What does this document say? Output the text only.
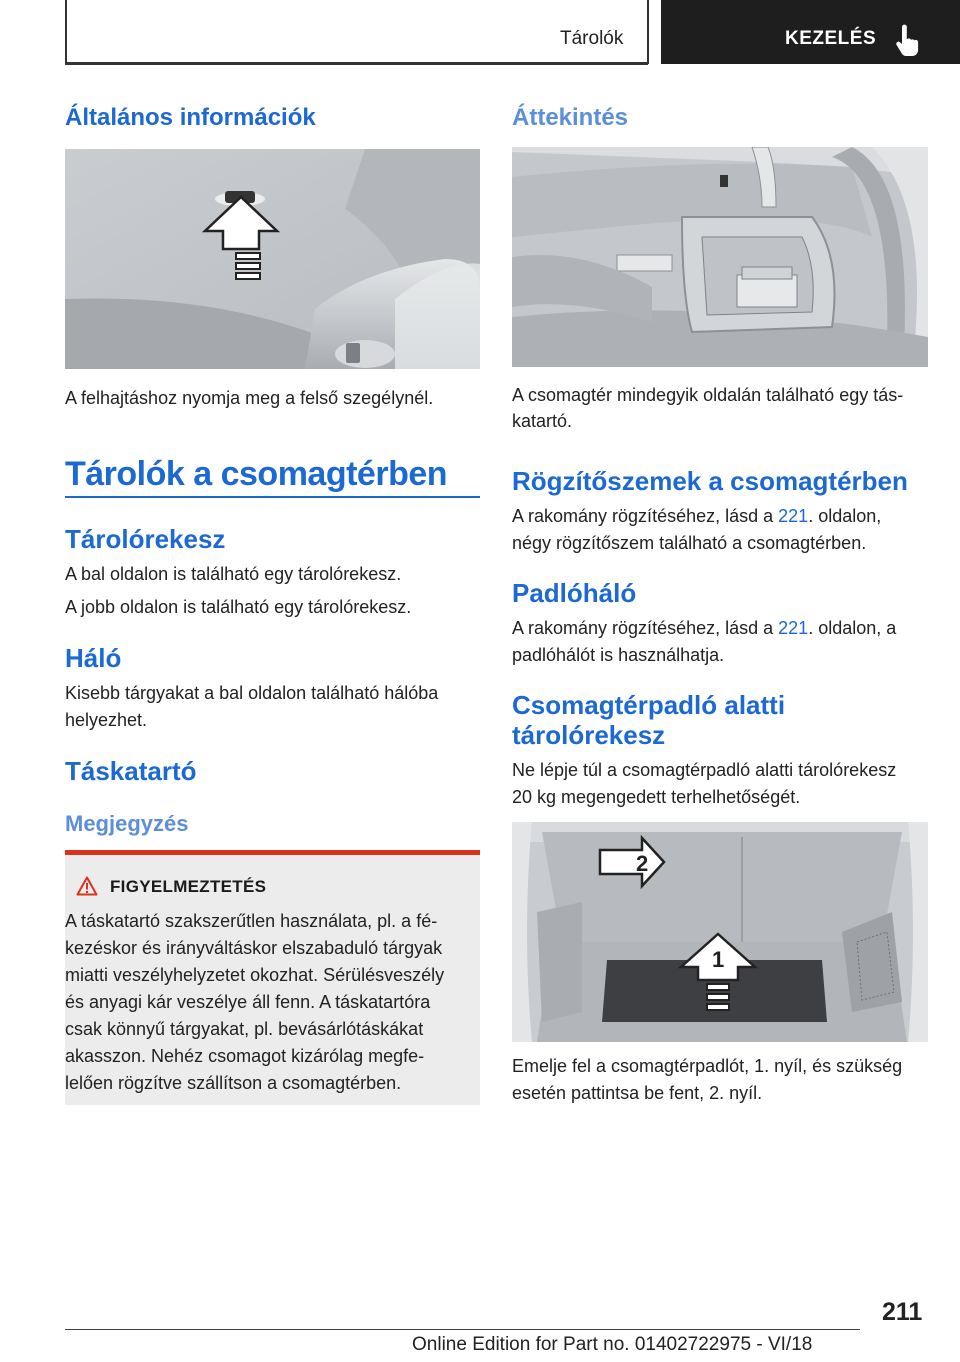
Tárolók	KEZELÉS
Általános információk

A felhajtáshoz nyomja meg a felső szegélynél.

Tárolók a csomagtérben
Tárolórekesz

A bal oldalon is található egy tárolórekesz.

A jobb oldalon is található egy tárolórekesz.

Háló

Kisebb tárgyakat a bal oldalon található hálóba

helyezhet.

Táskatartó
Megjegyzés
FIGYELMEZTETÉS

A táskatartó szakszerűtlen használata, pl. a fé-

kezéskor és irányváltáskor elszabaduló tárgyak

miatti veszélyhelyzetet okozhat. Sérülésveszély

és anyagi kár veszélye áll fenn. A táskatartóra

csak könnyű tárgyakat, pl. bevásárlótáskákat

akasszon. Nehéz csomagot kizárólag megfe-

lelően rögzítve szállítson a csomagtérben.

Áttekintés

A csomagtér mindegyik oldalán található egy tás-

katartó.

Rögzítőszemek a csomagtérben

A rakomány rögzítéséhez, lásd a 221. oldalon,

négy rögzítőszem található a csomagtérben.

Padlóháló

A rakomány rögzítéséhez, lásd a 221. oldalon, a

padlóhálót is használhatja.

Csomagtérpadló alatti
tárolórekesz

Ne lépje túl a csomagtérpadló alatti tárolórekesz

20 kg megengedett terhelhetőségét.

2
1

Emelje fel a csomagtérpadlót, 1. nyíl, és szükség

esetén pattintsa be fent, 2. nyíl.

211
Online Edition for Part no. 01402722975 - VI/18
